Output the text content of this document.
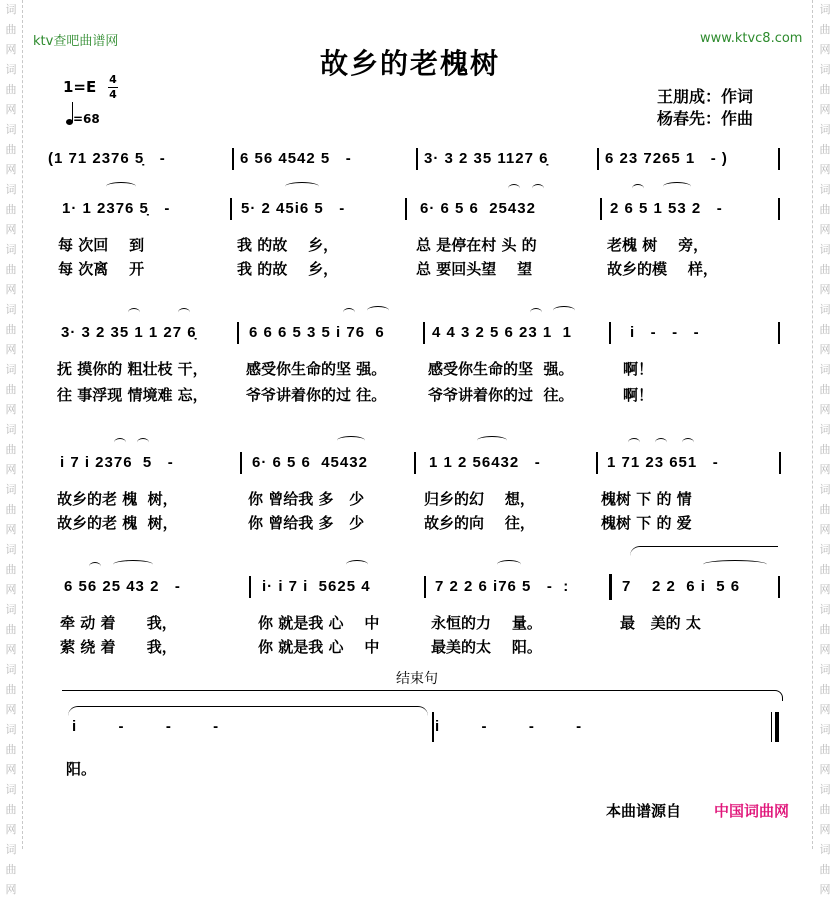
词
曲
网
词
曲
网
词
曲
网
词
曲
网
词
曲
网
词
曲
网
词
曲
网
词
曲
网
词
曲
网
词
曲
网
词
曲
网
词
曲
网
词
曲
网
词
曲
网
词
曲
网
词
曲
网
词
曲
网
词
曲
网
词
曲
网
词
曲
网
词
曲
网
词
曲
网
词
曲
网
词
曲
网
词
曲
网
词
曲
网
词
曲
网
词
曲
网
词
曲
网
词
曲
网
ktv查吧曲谱网	www.ktvc8.com
故乡的老槐树
1=E 4
4
=68
王朋成：作词
杨春先：作曲
(1 71 2376 5̣   -	6 56 4542 5   -	3· 3 2 35 1127 6̣	6 23 7265 1   - )
1· 1 2376 5̣   -	5· 2 45i6 5   -	6· 6 5 6  25432	2 6 5 1 53 2   -
每 次回    到	我 的故    乡，	总 是停在村 头 的	老槐 树    旁，
每 次离    开	我 的故    乡，	总 要回头望    望	故乡的模    样，
3· 3 2 35 1 1 27 6̣	6 6 6 5 3 5 i 76  6	4 4 3 2 5 6 23 1  1	i   -   -   -
抚 摸你的 粗壮枝 干，	感受你生命的坚 强。	感受你生命的坚  强。	啊！
往 事浮现 情境难 忘，	爷爷讲着你的过 往。	爷爷讲着你的过  往。	啊！
i 7 i 2376  5   -	6· 6 5 6  45432	1 1 2 56432   -	1 71 23 651   -
故乡的老 槐  树，	你 曾给我 多   少	归乡的幻    想，	槐树 下 的 情
故乡的老 槐  树，	你 曾给我 多   少	故乡的向    往，	槐树 下 的 爱
6 56 25 43 2   -	i· i 7 i  5625 4	7 2 2 6 i76 5   -  :	7    2 2  6 i  5 6
牵 动 着      我，	你 就是我 心    中	永恒的力    量。	最   美的 太
萦 绕 着      我，	你 就是我 心    中	最美的太    阳。
结束句
i        -        -        -	i        -        -        -
阳。
本曲谱源自 中国词曲网
